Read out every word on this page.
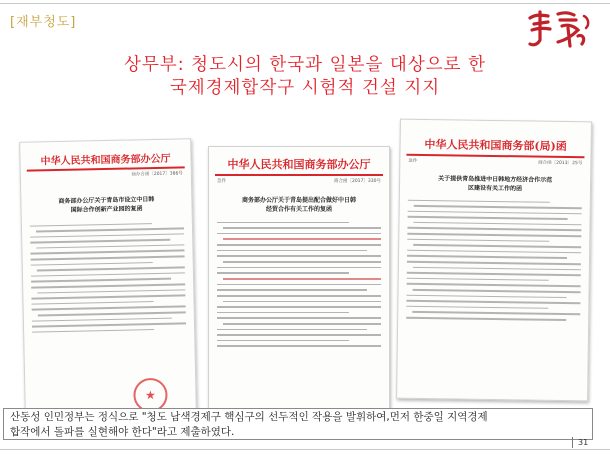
[재부청도]
상무부: 청도시의 한국과 일본을 대상으로 한
국제경제합작구 시험적 건설 지지
中华人民共和国商务部办公厅
商办合函〔2017〕386号
商务部办公厅关于青岛市设立中日韩
国际合作创新产业园的复函
★
中华人民共和国商务部办公厅
急件	商合函〔2017〕330号
商务部办公厅关于青岛提出配合做好中日韩
经贸合作有关工作的复函
中华人民共和国商务部(局)函
急件	商合函〔2013〕25号
关于提供青岛推进中日韩地方经济合作示范
区建设有关工作的函
산동성 인민정부는 정식으로 "청도 남색경제구 핵심구의 선두적인 작용을 발휘하여,먼저 한중일 지역경제
합작에서 돌파를 실현해야 한다"라고 제출하였다.
31
